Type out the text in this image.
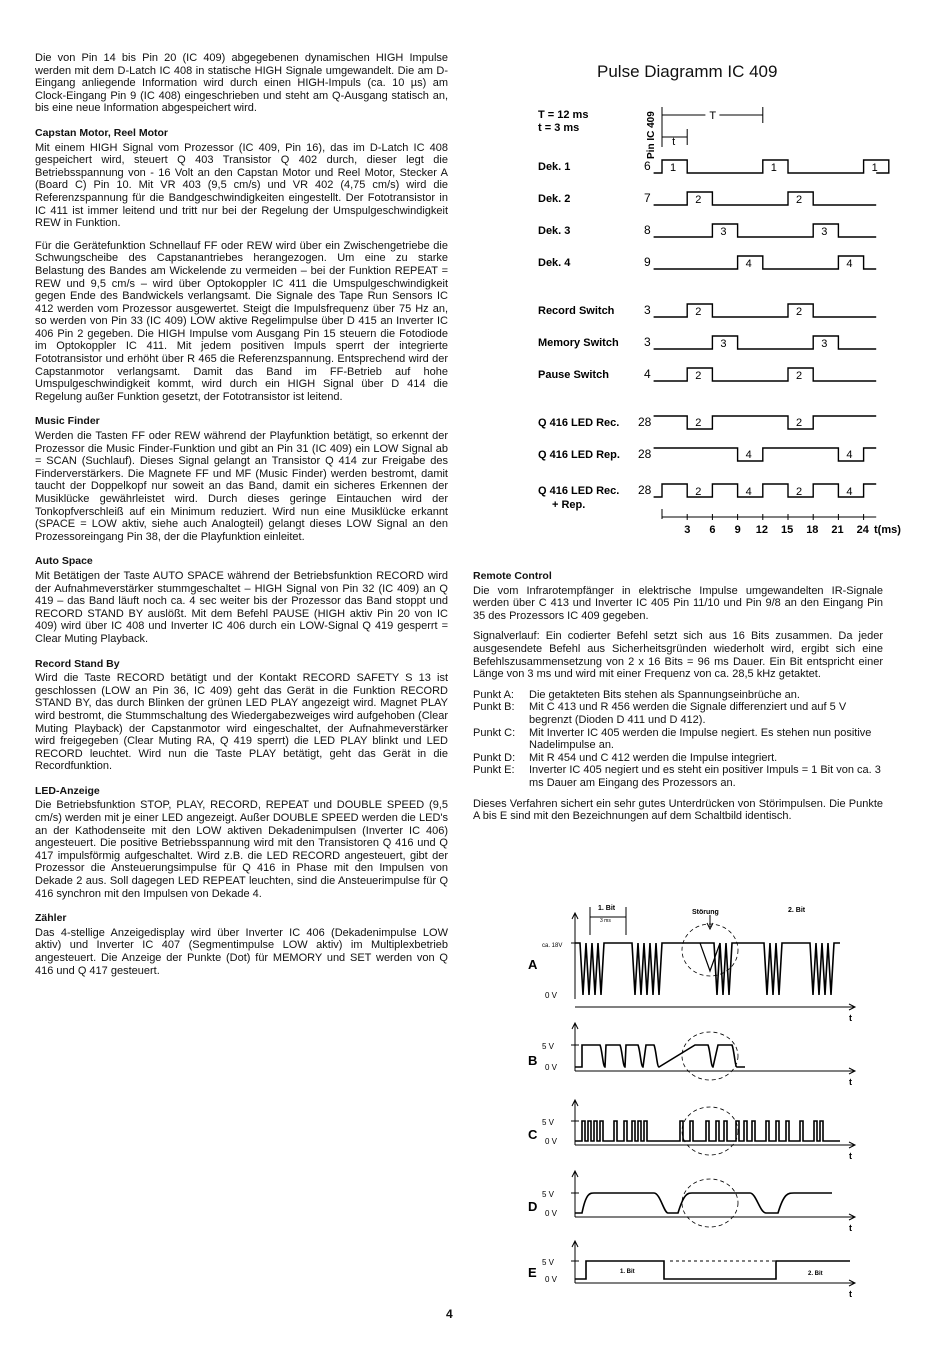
Die von Pin 14 bis Pin 20 (IC 409) abgegebenen dynamischen HIGH Impulse werden mit dem D-Latch IC 408 in statische HIGH Signale umgewandelt. Die am D-Eingang anliegende Information wird durch einen HIGH-Impuls (ca. 10 µs) am Clock-Eingang Pin 9 (IC 408) eingeschrieben und steht am Q-Ausgang statisch an, bis eine neue Information abgespeichert wird.

Capstan Motor, Reel Motor

Mit einem HIGH Signal vom Prozessor (IC 409, Pin 16), das im D-Latch IC 408 gespeichert wird, steuert Q 403 Transistor Q 402 durch, dieser legt die Betriebsspannung von - 16 Volt an den Capstan Motor und Reel Motor, Stecker A (Board C) Pin 10. Mit VR 403 (9,5 cm/s) und VR 402 (4,75 cm/s) wird die Referenzspannung für die Bandgeschwindigkeiten eingestellt. Der Fototransistor in IC 411 ist immer leitend und tritt nur bei der Regelung der Umspulgeschwindigkeit REW in Funktion.

Für die Gerätefunktion Schnellauf FF oder REW wird über ein Zwischengetriebe die Schwungscheibe des Capstanantriebes herangezogen. Um eine zu starke Belastung des Bandes am Wickelende zu vermeiden – bei der Funktion REPEAT = REW und 9,5 cm/s – wird über Optokoppler IC 411 die Umspulgeschwindigkeit gegen Ende des Bandwickels verlangsamt. Die Signale des Tape Run Sensors IC 412 werden vom Prozessor ausgewertet. Steigt die Impulsfrequenz über 75 Hz an, so werden von Pin 33 (IC 409) LOW aktive Regelimpulse über D 415 an Inverter IC 406 Pin 2 gegeben. Die HIGH Impulse vom Ausgang Pin 15 steuern die Fotodiode im Optokoppler IC 411. Mit jedem positiven Impuls sperrt der integrierte Fototransistor und erhöht über R 465 die Referenzspannung. Entsprechend wird der Capstanmotor verlangsamt. Damit das Band im FF-Betrieb auf hohe Umspulgeschwindigkeit kommt, wird durch ein HIGH Signal über D 414 die Regelung außer Funktion gesetzt, der Fototransistor ist leitend.

Music Finder

Werden die Tasten FF oder REW während der Playfunktion betätigt, so erkennt der Prozessor die Music Finder-Funktion und gibt an Pin 31 (IC 409) ein LOW Signal ab = SCAN (Suchlauf). Dieses Signal gelangt an Transistor Q 414 zur Freigabe des Finderverstärkers. Die Magnete FF und MF (Music Finder) werden bestromt, damit taucht der Doppelkopf nur soweit an das Band, damit ein sicheres Erkennen der Musiklücke gewährleistet wird. Durch dieses geringe Eintauchen wird der Tonkopfverschleiß auf ein Minimum reduziert. Wird nun eine Musiklücke erkannt (SPACE = LOW aktiv, siehe auch Analogteil) gelangt dieses LOW Signal an den Prozessoreingang Pin 38, der die Playfunktion einleitet.

Auto Space

Mit Betätigen der Taste AUTO SPACE während der Betriebsfunktion RECORD wird der Aufnahmeverstärker stummgeschaltet – HIGH Signal von Pin 32 (IC 409) an Q 419 – das Band läuft noch ca. 4 sec weiter bis der Prozessor das Band stoppt und RECORD STAND BY auslößt. Mit dem Befehl PAUSE (HIGH aktiv Pin 20 von IC 409) wird über IC 408 und Inverter IC 406 durch ein LOW-Signal Q 419 gesperrt = Clear Muting Playback.

Record Stand By

Wird die Taste RECORD betätigt und der Kontakt RECORD SAFETY S 13 ist geschlossen (LOW an Pin 36, IC 409) geht das Gerät in die Funktion RECORD STAND BY, das durch Blinken der grünen LED PLAY angezeigt wird. Magnet PLAY wird bestromt, die Stummschaltung des Wiedergabezweiges wird aufgehoben (Clear Muting Playback) der Capstanmotor wird eingeschaltet, der Aufnahmeverstärker wird freigegeben (Clear Muting RA, Q 419 sperrt) die LED PLAY blinkt und LED RECORD leuchtet. Wird nun die Taste PLAY betätigt, geht das Gerät in die Recordfunktion.

LED-Anzeige

Die Betriebsfunktion STOP, PLAY, RECORD, REPEAT und DOUBLE SPEED (9,5 cm/s) werden mit je einer LED angezeigt. Außer DOUBLE SPEED werden die LED's an der Kathodenseite mit den LOW aktiven Dekadenimpulsen (Inverter IC 406) angesteuert. Die positive Betriebsspannung wird mit den Transistoren Q 416 und Q 417 impulsförmig aufgeschaltet. Wird z.B. die LED RECORD angesteuert, gibt der Prozessor die Ansteuerungsimpulse für Q 416 in Phase mit den Impulsen von Dekade 2 aus. Soll dagegen LED REPEAT leuchten, sind die Ansteuerimpulse für Q 416 synchron mit den Impulsen von Dekade 4.

Zähler

Das 4-stellige Anzeigedisplay wird über Inverter IC 406 (Dekadenimpulse LOW aktiv) und Inverter IC 407 (Segmentimpulse LOW aktiv) im Multiplexbetrieb angesteuert. Die Anzeige der Punkte (Dot) für MEMORY und SET werden von Q 416 und Q 417 gesteuert.

Pulse Diagramm IC 409
T = 12 ms
t = 3 ms	Pin IC 409	T
t
Dek. 1	6 1	1	1
Dek. 2	7	2	2
Dek. 3	8	3	3
Dek. 4	9	4	4
Record Switch 3	2	2
Memory Switch 3	3	3
Pause Switch	4	2	2
Q 416 LED Rec. 28	2	2
Q 416 LED Rep. 28	4	4
Q 416 LED Rec.
+ Rep.
28	2	4	2	4
3 6 9 12 15 18 21 24 t(ms)
Remote Control

Die vom Infrarotempfänger in elektrische Impulse umgewandelten IR-Signale werden über C 413 und Inverter IC 405 Pin 11/10 und Pin 9/8 an den Eingang Pin 35 des Prozessors IC 409 gegeben.

Signalverlauf: Ein codierter Befehl setzt sich aus 16 Bits zusammen. Da jeder ausgesendete Befehl aus Sicherheitsgründen wiederholt wird, ergibt sich eine Befehlszusammensetzung von 2 x 16 Bits = 96 ms Dauer. Ein Bit entspricht einer Länge von 3 ms und wird mit einer Frequenz von ca. 28,5 kHz getaktet.

Punkt A:	Die getakteten Bits stehen als Spannungseinbrüche an.
Punkt B:	Mit C 413 und R 456 werden die Signale differenziert und auf 5 V begrenzt (Dioden D 411 und D 412).
Punkt C:	Mit Inverter IC 405 werden die Impulse negiert. Es stehen nun positive Nadelimpulse an.
Punkt D:	Mit R 454 und C 412 werden die Impulse integriert.
Punkt E:	Inverter IC 405 negiert und es steht ein positiver Impuls = 1 Bit von ca. 3 ms Dauer am Eingang des Prozessors an.

Dieses Verfahren sichert ein sehr gutes Unterdrücken von Störimpulsen. Die Punkte A bis E sind mit den Bezeichnungen auf dem Schaltbild identisch.

1. Bit
3 ms
Störung	2. Bit
A
ca. 18V
0 V
t
B
5 V
0 V
t
C
5 V
0 V
t
D
5 V
0 V
t
E
5 V
0 V
t
1. Bit	2. Bit
4
